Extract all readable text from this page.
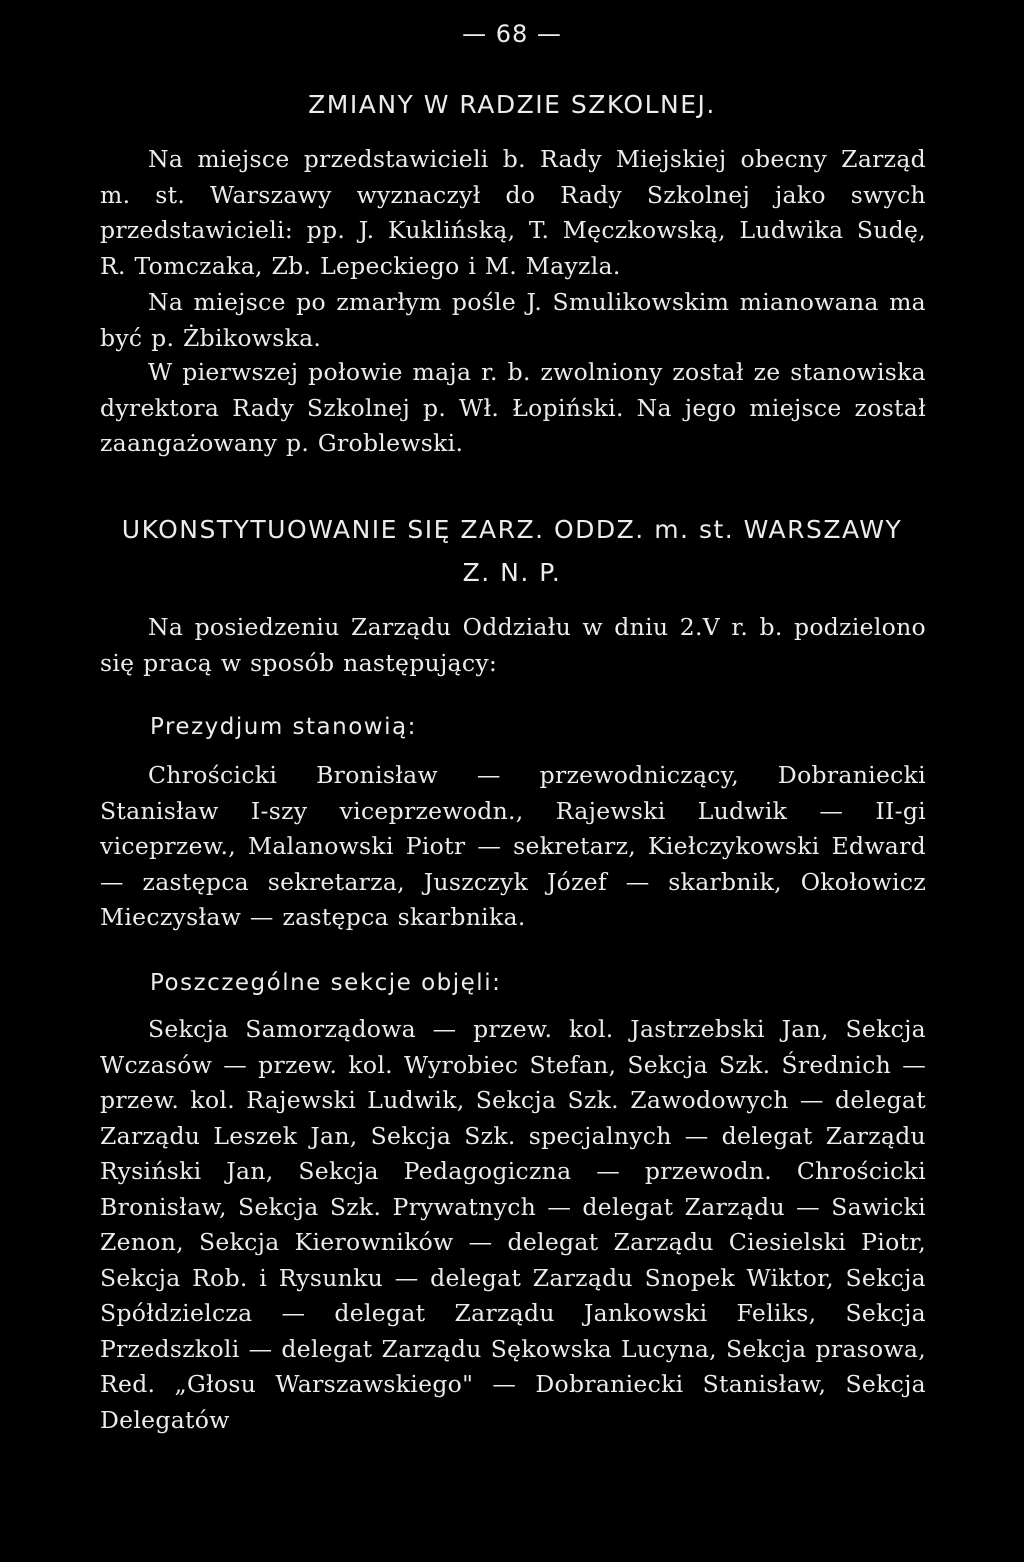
— 68 —
ZMIANY W RADZIE SZKOLNEJ.
Na miejsce przedstawicieli b. Rady Miejskiej obecny Zarząd m. st. Warszawy wyznaczył do Rady Szkolnej jako swych przedstawicieli: pp. J. Kuklińską, T. Męczkowską, Ludwika Sudę, R. Tomczaka, Zb. Lepeckiego i M. Mayzla.
Na miejsce po zmarłym pośle J. Smulikowskim mianowana ma być p. Żbikowska.
W pierwszej połowie maja r. b. zwolniony został ze stanowiska dyrektora Rady Szkolnej p. Wł. Łopiński. Na jego miejsce został zaangażowany p. Groblewski.
UKONSTYTUOWANIE SIĘ ZARZ. ODDZ. m. st. WARSZAWY
Z. N. P.
Na posiedzeniu Zarządu Oddziału w dniu 2.V r. b. podzielono się pracą w sposób następujący:
Prezydjum stanowią:
Chrościcki Bronisław — przewodniczący, Dobraniecki Stanisław I-szy viceprzewodn., Rajewski Ludwik — II-gi viceprzew., Malanowski Piotr — sekretarz, Kiełczykowski Edward— zastępca sekretarza, Juszczyk Józef — skarbnik, Okołowicz Mieczysław — zastępca skarbnika.
Poszczególne sekcje objęli:
Sekcja Samorządowa — przew. kol. Jastrzebski Jan, Sekcja Wczasów — przew. kol. Wyrobiec Stefan, Sekcja Szk. Średnich — przew. kol. Rajewski Ludwik, Sekcja Szk. Zawodowych — delegat Zarządu Leszek Jan, Sekcja Szk. specjalnych — delegat Zarządu Rysiński Jan, Sekcja Pedagogiczna — przewodn. Chrościcki Bronisław, Sekcja Szk. Prywatnych — delegat Zarządu — Sawicki Zenon, Sekcja Kierowników — delegat Zarządu Ciesielski Piotr, Sekcja Rob. i Rysunku — delegat Zarządu Snopek Wiktor, Sekcja Spółdzielcza — delegat Zarządu Jankowski Feliks, Sekcja Przedszkoli — delegat Zarządu Sękowska Lucyna, Sekcja prasowa, Red. „Głosu Warszawskiego" — Dobraniecki Stanisław, Sekcja Delegatów
